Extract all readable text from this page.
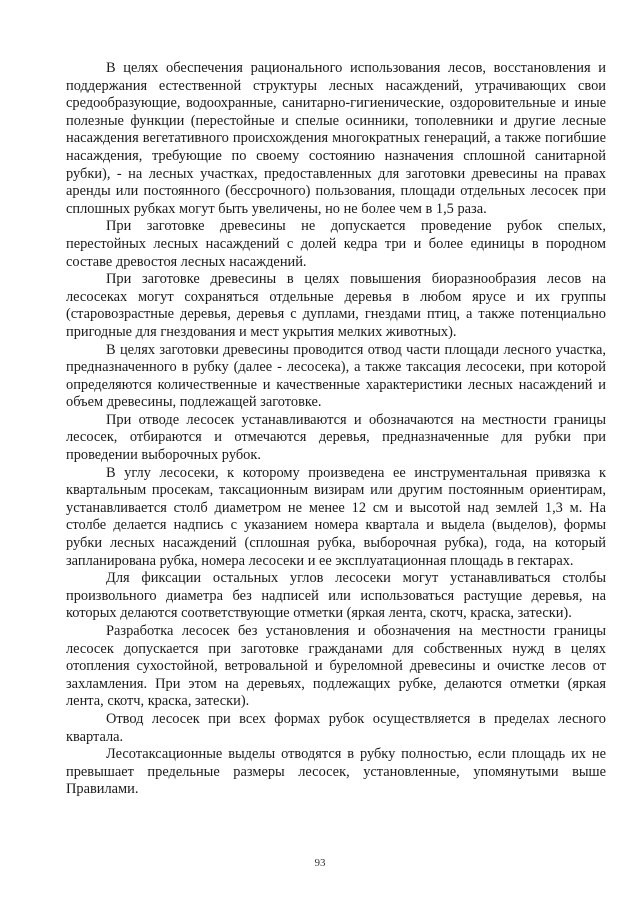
В целях обеспечения рационального использования лесов, восстановления и поддержания естественной структуры лесных насаждений, утрачивающих свои средообразующие, водоохранные, санитарно-гигиенические, оздоровительные и иные полезные функции (перестойные и спелые осинники, тополевники и другие лесные насаждения вегетативного происхождения многократных генераций, а также погибшие насаждения, требующие по своему состоянию назначения сплошной санитарной рубки), - на лесных участках, предоставленных для заготовки древесины на правах аренды или постоянного (бессрочного) пользования, площади отдельных лесосек при сплошных рубках могут быть увеличены, но не более чем в 1,5 раза.

При заготовке древесины не допускается проведение рубок спелых, перестойных лесных насаждений с долей кедра три и более единицы в породном составе древостоя лесных насаждений.

При заготовке древесины в целях повышения биоразнообразия лесов на лесосеках могут сохраняться отдельные деревья в любом ярусе и их группы (старовозрастные деревья, деревья с дуплами, гнездами птиц, а также потенциально пригодные для гнездования и мест укрытия мелких животных).

В целях заготовки древесины проводится отвод части площади лесного участка, предназначенного в рубку (далее - лесосека), а также таксация лесосеки, при которой определяются количественные и качественные характеристики лесных насаждений и объем древесины, подлежащей заготовке.

При отводе лесосек устанавливаются и обозначаются на местности границы лесосек, отбираются и отмечаются деревья, предназначенные для рубки при проведении выборочных рубок.

В углу лесосеки, к которому произведена ее инструментальная привязка к квартальным просекам, таксационным визирам или другим постоянным ориентирам, устанавливается столб диаметром не менее 12 см и высотой над землей 1,3 м. На столбе делается надпись с указанием номера квартала и выдела (выделов), формы рубки лесных насаждений (сплошная рубка, выборочная рубка), года, на который запланирована рубка, номера лесосеки и ее эксплуатационная площадь в гектарах.

Для фиксации остальных углов лесосеки могут устанавливаться столбы произвольного диаметра без надписей или использоваться растущие деревья, на которых делаются соответствующие отметки (яркая лента, скотч, краска, затески).

Разработка лесосек без установления и обозначения на местности границы лесосек допускается при заготовке гражданами для собственных нужд в целях отопления сухостойной, ветровальной и буреломной древесины и очистке лесов от захламления. При этом на деревьях, подлежащих рубке, делаются отметки (яркая лента, скотч, краска, затески).

Отвод лесосек при всех формах рубок осуществляется в пределах лесного квартала.

Лесотаксационные выделы отводятся в рубку полностью, если площадь их не превышает предельные размеры лесосек, установленные, упомянутыми выше Правилами.

93
